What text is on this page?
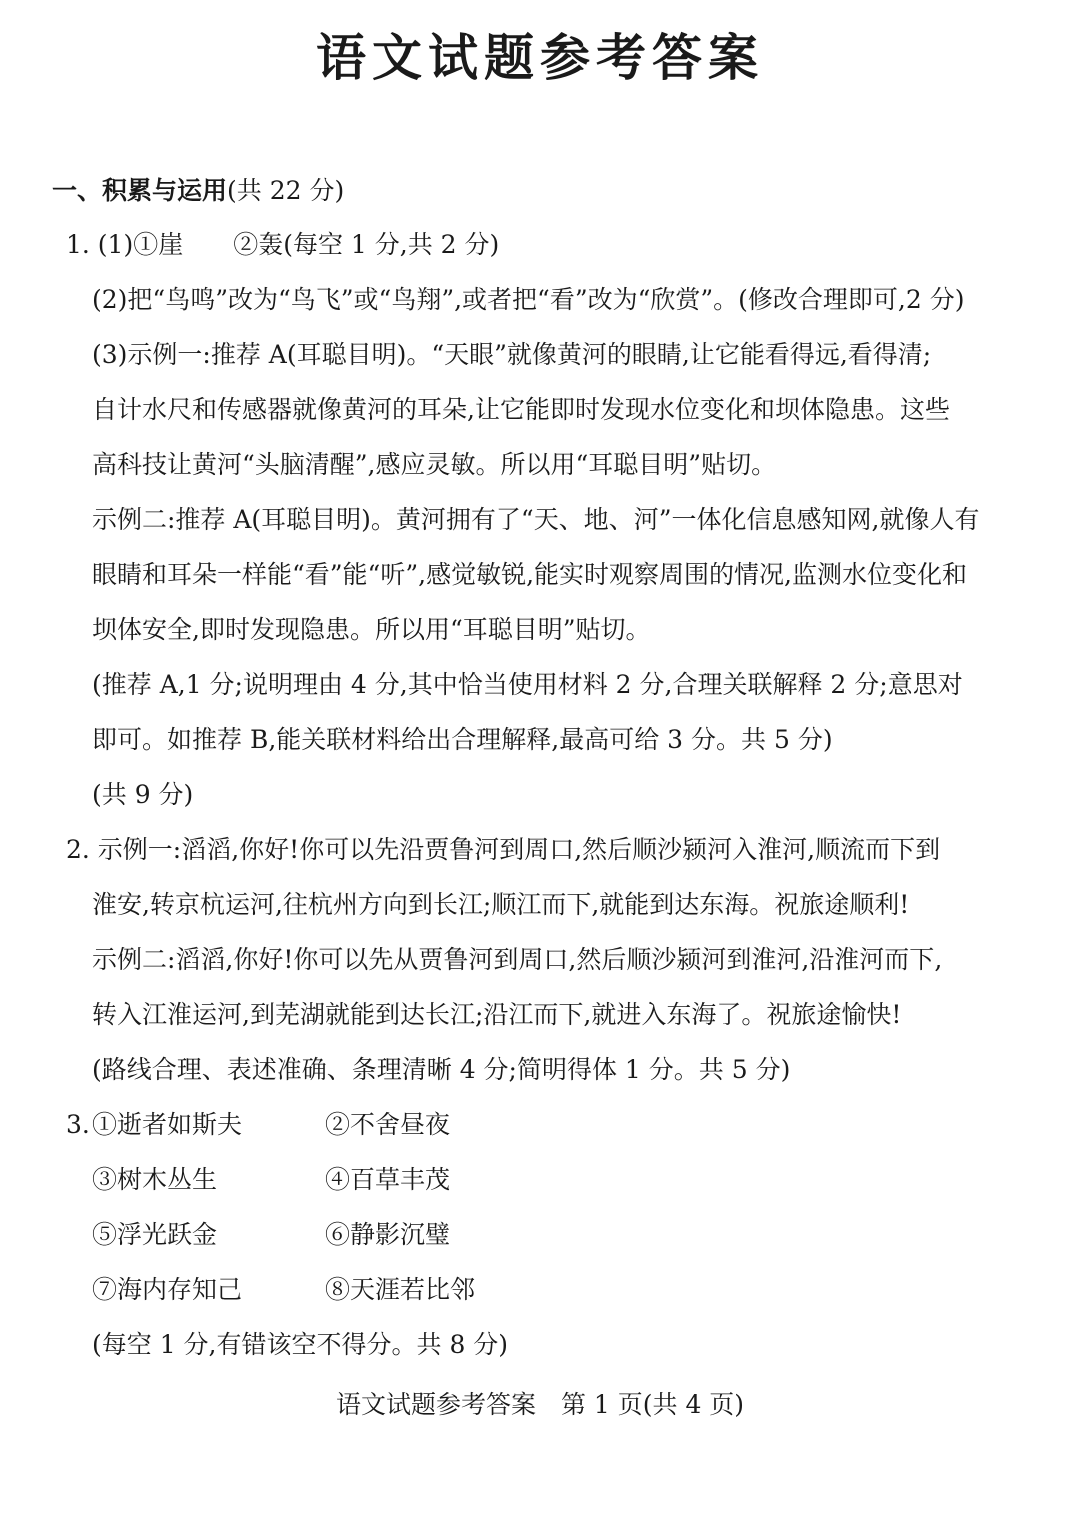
语文试题参考答案
一、积累与运用(共 22 分)
1. (1)①崖　　②轰(每空 1 分,共 2 分)
(2)把“鸟鸣”改为“鸟飞”或“鸟翔”,或者把“看”改为“欣赏”。(修改合理即可,2 分)
(3)示例一:推荐 A(耳聪目明)。“天眼”就像黄河的眼睛,让它能看得远,看得清;
自计水尺和传感器就像黄河的耳朵,让它能即时发现水位变化和坝体隐患。这些
高科技让黄河“头脑清醒”,感应灵敏。所以用“耳聪目明”贴切。
示例二:推荐 A(耳聪目明)。黄河拥有了“天、地、河”一体化信息感知网,就像人有
眼睛和耳朵一样能“看”能“听”,感觉敏锐,能实时观察周围的情况,监测水位变化和
坝体安全,即时发现隐患。所以用“耳聪目明”贴切。
(推荐 A,1 分;说明理由 4 分,其中恰当使用材料 2 分,合理关联解释 2 分;意思对
即可。如推荐 B,能关联材料给出合理解释,最高可给 3 分。共 5 分)
(共 9 分)
2. 示例一:滔滔,你好!你可以先沿贾鲁河到周口,然后顺沙颍河入淮河,顺流而下到
淮安,转京杭运河,往杭州方向到长江;顺江而下,就能到达东海。祝旅途顺利!
示例二:滔滔,你好!你可以先从贾鲁河到周口,然后顺沙颍河到淮河,沿淮河而下,
转入江淮运河,到芜湖就能到达长江;沿江而下,就进入东海了。祝旅途愉快!
(路线合理、表述准确、条理清晰 4 分;简明得体 1 分。共 5 分)
3. ①逝者如斯夫	②不舍昼夜
③树木丛生	④百草丰茂
⑤浮光跃金	⑥静影沉璧
⑦海内存知己	⑧天涯若比邻
(每空 1 分,有错该空不得分。共 8 分)
语文试题参考答案　第 1 页(共 4 页)
